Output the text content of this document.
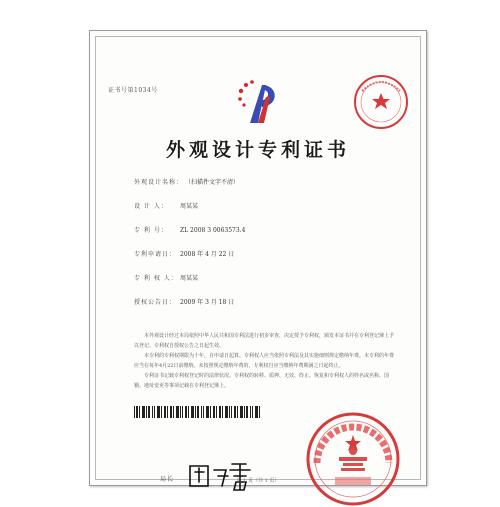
证书号第1034号
外观设计专利证书
外观设计名称： （扫描件文字不清）
设 计 人： 周某某
专 利 号： ZL 2008 3 0063573.4
专利申请日： 2008 年 4 月 22 日
专 利 权 人： 周某某
授权公告日： 2009 年 3 月 18 日

本外观设计经过本局依照中华人民共和国专利法进行初步审查，决定授予专利权，颁发本证书并在专利登记簿上予以登记。专利权自授权公告之日起生效。

本专利的专利权期限为十年，自申请日起算。专利权人应当依照专利法及其实施细则规定缴纳年费。本专利的年费应当在每年4月22日前缴纳。未按照规定缴纳年费的，专利权自应当缴纳年费期满之日起终止。

专利证书记载专利权登记时的法律状况。专利权的转移、质押、无效、终止、恢复和专利权人的姓名或名称、国籍、地址变更等事项记载在专利登记簿上。

局长	第 1 页（共 1 页）
